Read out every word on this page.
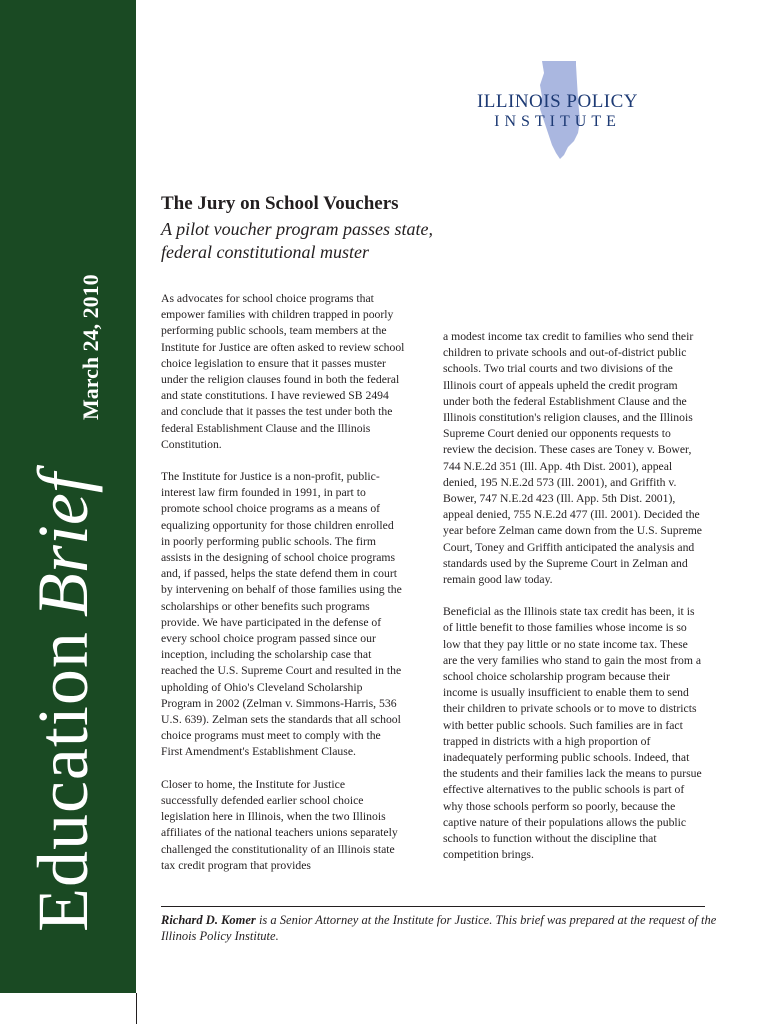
EducationBrief
March 24, 2010
ILLINOIS POLICY
INSTITUTE
The Jury on School Vouchers
A pilot voucher program passes state, federal constitutional muster

As advocates for school choice programs that empower families with children trapped in poorly performing public schools, team members at the Institute for Justice are often asked to review school choice legislation to ensure that it passes muster under the religion clauses found in both the federal and state constitutions. I have reviewed SB 2494 and conclude that it passes the test under both the federal Establishment Clause and the Illinois Constitution.

The Institute for Justice is a non-profit, public-interest law firm founded in 1991, in part to promote school choice programs as a means of equalizing opportunity for those children enrolled in poorly performing public schools. The firm assists in the designing of school choice programs and, if passed, helps the state defend them in court by intervening on behalf of those families using the scholarships or other benefits such programs provide. We have participated in the defense of every school choice program passed since our inception, including the scholarship case that reached the U.S. Supreme Court and resulted in the upholding of Ohio's Cleveland Scholarship Program in 2002 (Zelman v. Simmons-Harris, 536 U.S. 639). Zelman sets the standards that all school choice programs must meet to comply with the First Amendment's Establishment Clause.

Closer to home, the Institute for Justice successfully defended earlier school choice legislation here in Illinois, when the two Illinois affiliates of the national teachers unions separately challenged the constitutionality of an Illinois state tax credit program that provides

a modest income tax credit to families who send their children to private schools and out-of-district public schools. Two trial courts and two divisions of the Illinois court of appeals upheld the credit program under both the federal Establishment Clause and the Illinois constitution's religion clauses, and the Illinois Supreme Court denied our opponents requests to review the decision. These cases are Toney v. Bower, 744 N.E.2d 351 (Ill. App. 4th Dist. 2001), appeal denied, 195 N.E.2d 573 (Ill. 2001), and Griffith v. Bower, 747 N.E.2d 423 (Ill. App. 5th Dist. 2001), appeal denied, 755 N.E.2d 477 (Ill. 2001). Decided the year before Zelman came down from the U.S. Supreme Court, Toney and Griffith anticipated the analysis and standards used by the Supreme Court in Zelman and remain good law today.

Beneficial as the Illinois state tax credit has been, it is of little benefit to those families whose income is so low that they pay little or no state income tax. These are the very families who stand to gain the most from a school choice scholarship program because their income is usually insufficient to enable them to send their children to private schools or to move to districts with better public schools. Such families are in fact trapped in districts with a high proportion of inadequately performing public schools. Indeed, that the students and their families lack the means to pursue effective alternatives to the public schools is part of why those schools perform so poorly, because the captive nature of their populations allows the public schools to function without the discipline that competition brings.

Richard D. Komer is a Senior Attorney at the Institute for Justice. This brief was prepared at the request of the Illinois Policy Institute.
